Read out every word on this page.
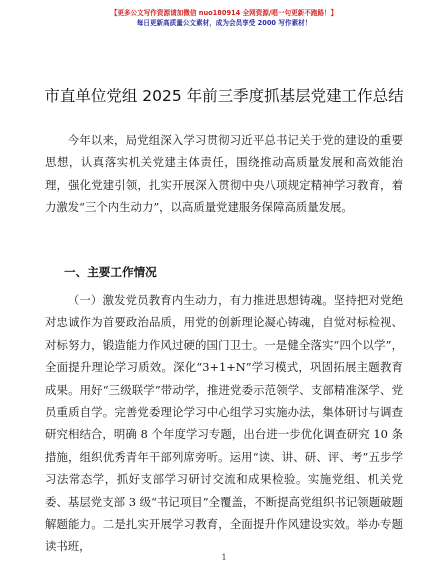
【更多公文写作资源请加微信 nuo180914 全网资源/唱一句更新不跑路！】
每日更新高质量公文素材，成为会员享受 2000 写作素材！
市直单位党组 2025 年前三季度抓基层党建工作总结

今年以来，局党组深入学习贯彻习近平总书记关于党的建设的重要思想，认真落实机关党建主体责任，围绕推动高质量发展和高效能治理，强化党建引领，扎实开展深入贯彻中央八项规定精神学习教育，着力激发“三个内生动力”，以高质量党建服务保障高质量发展。

一、主要工作情况

（一）激发党员教育内生动力，有力推进思想铸魂。坚持把对党绝对忠诚作为首要政治品质，用党的创新理论凝心铸魂，自觉对标检视、对标努力，锻造能力作风过硬的国门卫士。一是健全落实“四个以学”，全面提升理论学习质效。深化“3+1+N”学习模式，巩固拓展主题教育成果。用好“三级联学”带动学，推进党委示范领学、支部精准深学、党员重质自学。完善党委理论学习中心组学习实施办法，集体研讨与调查研究相结合，明确 8 个年度学习专题，出台进一步优化调查研究 10 条措施，组织优秀青年干部列席旁听。运用“读、讲、研、评、考”五步学习法常态学，抓好支部学习研讨交流和成果检验。实施党组、机关党委、基层党支部 3 级“书记项目”全覆盖，不断提高党组织书记领题破题解题能力。二是扎实开展学习教育，全面提升作风建设实效。举办专题读书班，

1
